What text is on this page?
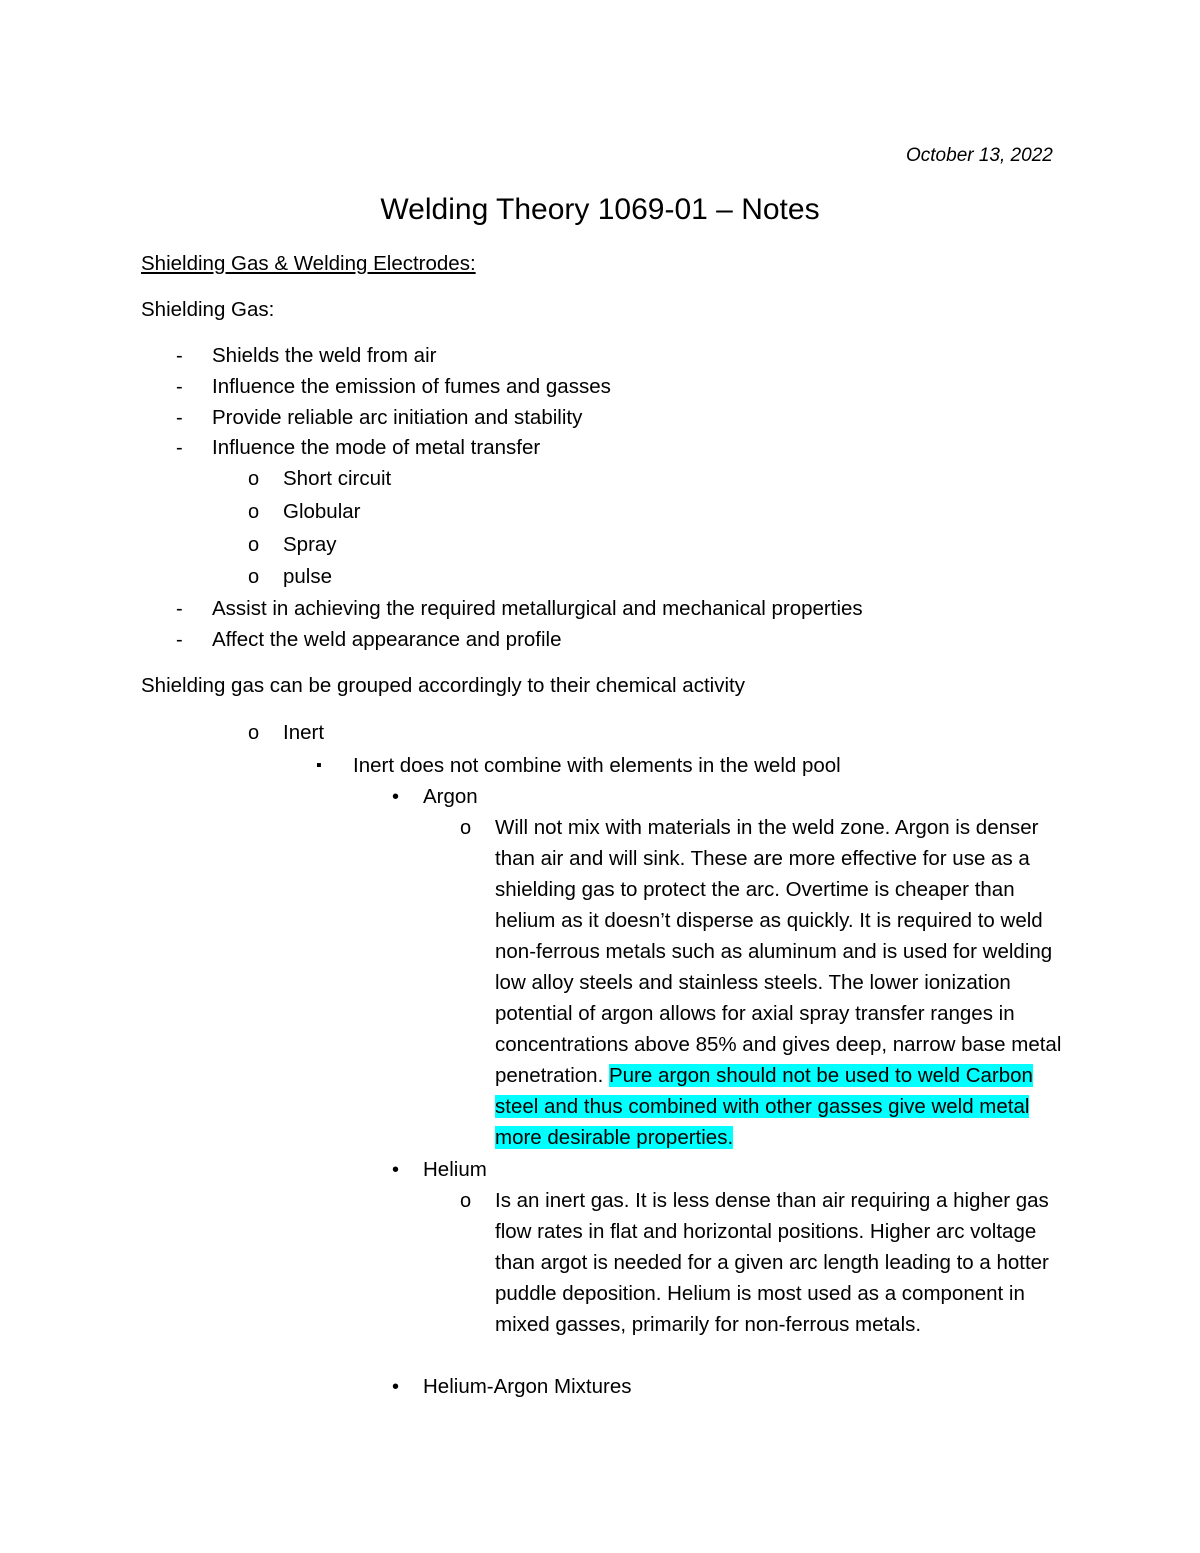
October 13, 2022
Welding Theory 1069-01 – Notes
Shielding Gas & Welding Electrodes:
Shielding Gas:
- Shields the weld from air
- Influence the emission of fumes and gasses
- Provide reliable arc initiation and stability
- Influence the mode of metal transfer
o Short circuit
o Globular
o Spray
o pulse
- Assist in achieving the required metallurgical and mechanical properties
- Affect the weld appearance and profile
Shielding gas can be grouped accordingly to their chemical activity
o Inert
▪ Inert does not combine with elements in the weld pool
• Argon
o Will not mix with materials in the weld zone. Argon is denser than air and will sink. These are more effective for use as a shielding gas to protect the arc. Overtime is cheaper than helium as it doesn’t disperse as quickly. It is required to weld non-ferrous metals such as aluminum and is used for welding low alloy steels and stainless steels. The lower ionization potential of argon allows for axial spray transfer ranges in concentrations above 85% and gives deep, narrow base metal penetration. Pure argon should not be used to weld Carbon steel and thus combined with other gasses give weld metal more desirable properties.
• Helium
o Is an inert gas. It is less dense than air requiring a higher gas flow rates in flat and horizontal positions. Higher arc voltage than argot is needed for a given arc length leading to a hotter puddle deposition. Helium is most used as a component in mixed gasses, primarily for non-ferrous metals.
• Helium-Argon Mixtures
